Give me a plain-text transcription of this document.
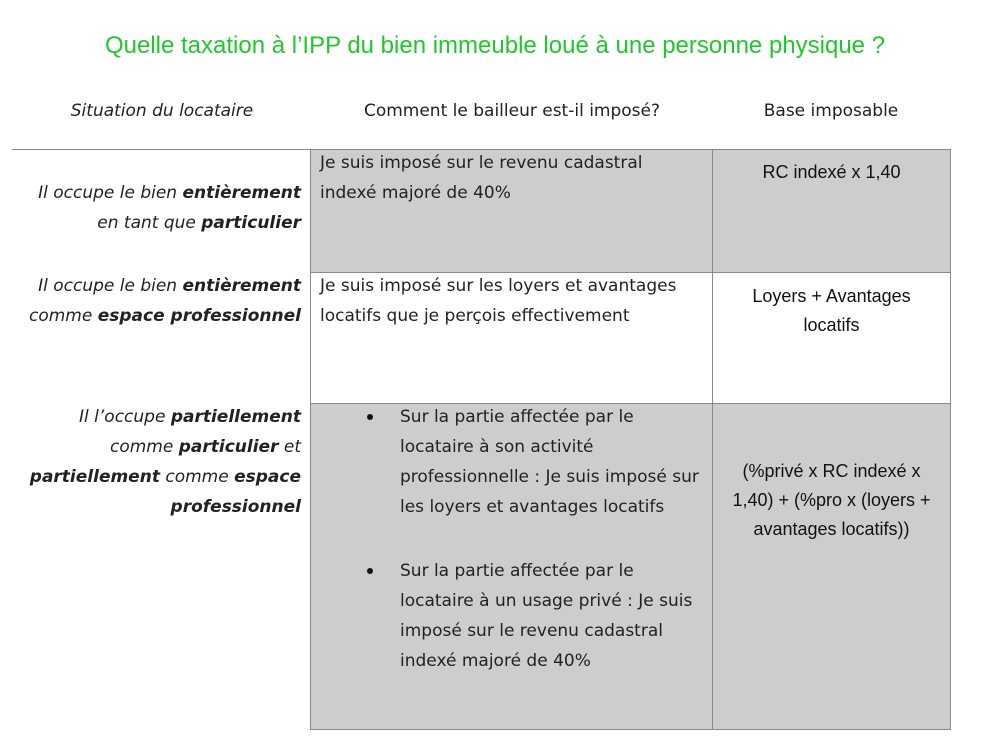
Quelle taxation à l’IPP du bien immeuble loué à une personne physique ?
Situation du locataire	Comment le bailleur est-il imposé?	Base imposable
Il occupe le bien entièrement en tant que particulier
Je suis imposé sur le revenu cadastral indexé majoré de 40%
RC indexé x 1,40
Il occupe le bien entièrement comme espace professionnel
Je suis imposé sur les loyers et avantages locatifs que je perçois effectivement
Loyers + Avantages locatifs
Il l’occupe partiellement comme particulier et partiellement comme espace professionnel
Sur la partie affectée par le locataire à son activité professionnelle : Je suis imposé sur les loyers et avantages locatifs
Sur la partie affectée par le locataire à un usage privé : Je suis imposé sur le revenu cadastral indexé majoré de 40%
(%privé x RC indexé x 1,40) + (%pro x (loyers + avantages locatifs))
